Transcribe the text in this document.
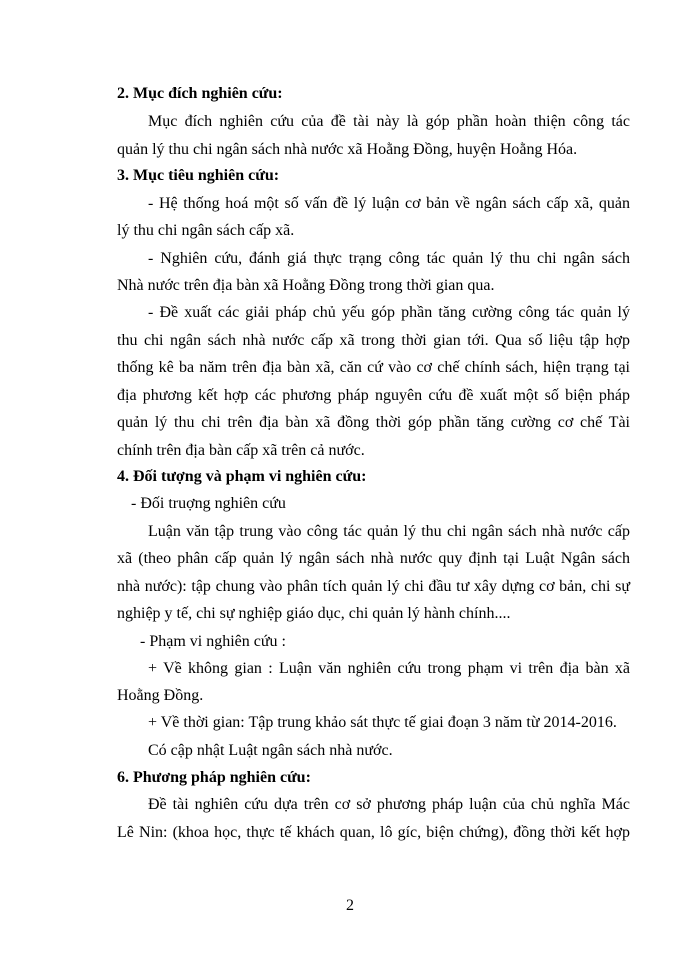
2. Mục đích nghiên cứu:
Mục đích nghiên cứu của đề tài này là góp phần hoàn thiện công tác
quản lý thu chi ngân sách nhà nước xã Hoằng Đồng, huyện Hoằng Hóa.
3. Mục tiêu nghiên cứu:
- Hệ thống hoá một số vấn đề lý luận cơ bản về ngân sách cấp xã, quản
lý thu chi ngân sách cấp xã.
- Nghiên cứu, đánh giá thực trạng công tác quản lý thu chi ngân sách
Nhà nước trên địa bàn xã Hoằng Đồng trong thời gian qua.
- Đề xuất các giải pháp chủ yếu góp phần tăng cường công tác quản lý
thu chi ngân sách nhà nước cấp xã trong thời gian tới. Qua số liệu tập hợp
thống kê ba năm trên địa bàn xã, căn cứ vào cơ chế chính sách, hiện trạng tại
địa phương kết hợp các phương pháp nguyên cứu đề xuất một số biện pháp
quản lý thu chi trên địa bàn xã đồng thời góp phần tăng cường cơ chế Tài
chính trên địa bàn cấp xã trên cả nước.
4. Đối tượng và phạm vi nghiên cứu:
- Đối truợng nghiên cứu
Luận văn tập trung vào công tác quản lý thu chi ngân sách nhà nước cấp
xã (theo phân cấp quản lý ngân sách nhà nước quy định tại Luật Ngân sách
nhà nước): tập chung vào phân tích quản lý chi đầu tư xây dựng cơ bản, chi sự
nghiệp y tế, chi sự nghiệp giáo dục, chi quản lý hành chính....
- Phạm vi nghiên cứu :
+ Về không gian : Luận văn nghiên cứu trong phạm vi trên địa bàn xã
Hoằng Đồng.
+ Về thời gian: Tập trung khảo sát thực tế giai đoạn 3 năm từ 2014-2016.
Có cập nhật Luật ngân sách nhà nước.
6. Phương pháp nghiên cứu:
Đề tài nghiên cứu dựa trên cơ sở phương pháp luận của chủ nghĩa Mác
Lê Nin: (khoa học, thực tế khách quan, lô gíc, biện chứng), đồng thời kết hợp
2
